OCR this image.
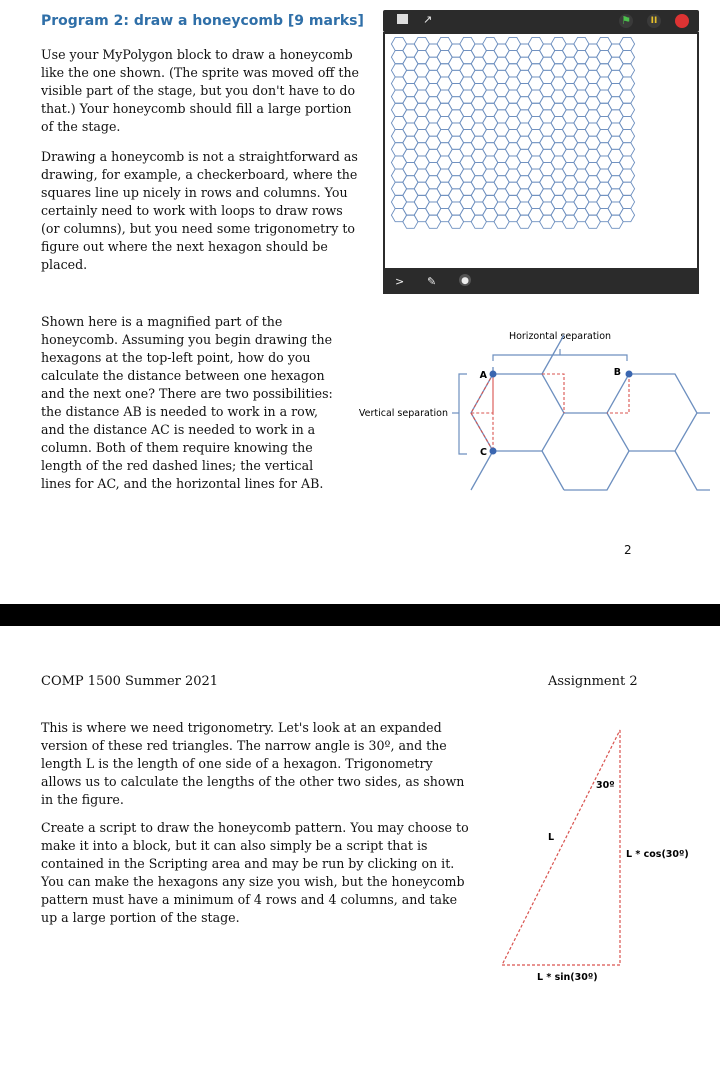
Program 2: draw a honeycomb [9 marks]
Use your MyPolygon block to draw a honeycomb
like the one shown. (The sprite was moved off the
visible part of the stage, but you don't have to do
that.) Your honeycomb should fill a large portion
of the stage.
Drawing a honeycomb is not a straightforward as
drawing, for example, a checkerboard, where the
squares line up nicely in rows and columns. You
certainly need to work with loops to draw rows
(or columns), but you need some trigonometry to
figure out where the next hexagon should be
placed.
Shown here is a magnified part of the
honeycomb. Assuming you begin drawing the
hexagons at the top-left point, how do you
calculate the distance between one hexagon
and the next one? There are two possibilities:
the distance AB is needed to work in a row,
and the distance AC is needed to work in a
column. Both of them require knowing the
length of the red dashed lines; the vertical
lines for AC, and the horizontal lines for AB.
↗	⚑	II
> ✎	●
Horizontal separation
Vertical separation
A	B
C
2
COMP 1500 Summer 2021	Assignment 2
This is where we need trigonometry. Let's look at an expanded
version of these red triangles. The narrow angle is 30º, and the
length L is the length of one side of a hexagon. Trigonometry
allows us to calculate the lengths of the other two sides, as shown
in the figure.
Create a script to draw the honeycomb pattern. You may choose to
make it into a block, but it can also simply be a script that is
contained in the Scripting area and may be run by clicking on it.
You can make the hexagons any size you wish, but the honeycomb
pattern must have a minimum of 4 rows and 4 columns, and take
up a large portion of the stage.
30º
L
L * cos(30º)
L * sin(30º)
